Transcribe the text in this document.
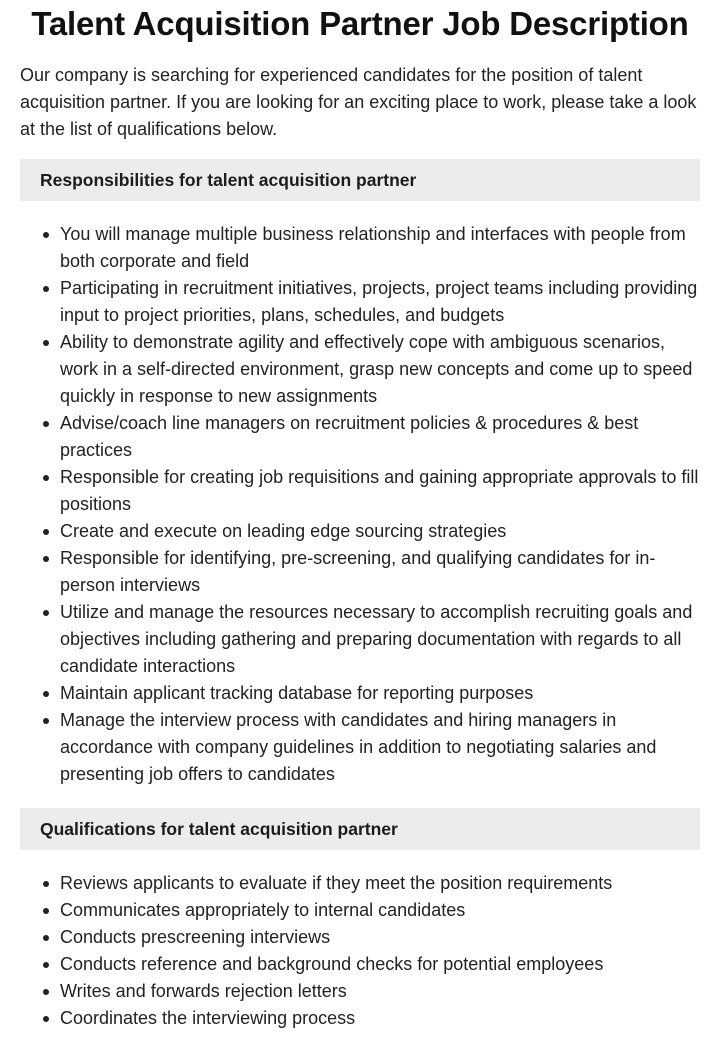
Talent Acquisition Partner Job Description

Our company is searching for experienced candidates for the position of talent acquisition partner. If you are looking for an exciting place to work, please take a look at the list of qualifications below.

Responsibilities for talent acquisition partner
You will manage multiple business relationship and interfaces with people from both corporate and field
Participating in recruitment initiatives, projects, project teams including providing input to project priorities, plans, schedules, and budgets
Ability to demonstrate agility and effectively cope with ambiguous scenarios, work in a self-directed environment, grasp new concepts and come up to speed quickly in response to new assignments
Advise/coach line managers on recruitment policies & procedures & best practices
Responsible for creating job requisitions and gaining appropriate approvals to fill positions
Create and execute on leading edge sourcing strategies
Responsible for identifying, pre-screening, and qualifying candidates for in-person interviews
Utilize and manage the resources necessary to accomplish recruiting goals and objectives including gathering and preparing documentation with regards to all candidate interactions
Maintain applicant tracking database for reporting purposes
Manage the interview process with candidates and hiring managers in accordance with company guidelines in addition to negotiating salaries and presenting job offers to candidates
Qualifications for talent acquisition partner
Reviews applicants to evaluate if they meet the position requirements
Communicates appropriately to internal candidates
Conducts prescreening interviews
Conducts reference and background checks for potential employees
Writes and forwards rejection letters
Coordinates the interviewing process
